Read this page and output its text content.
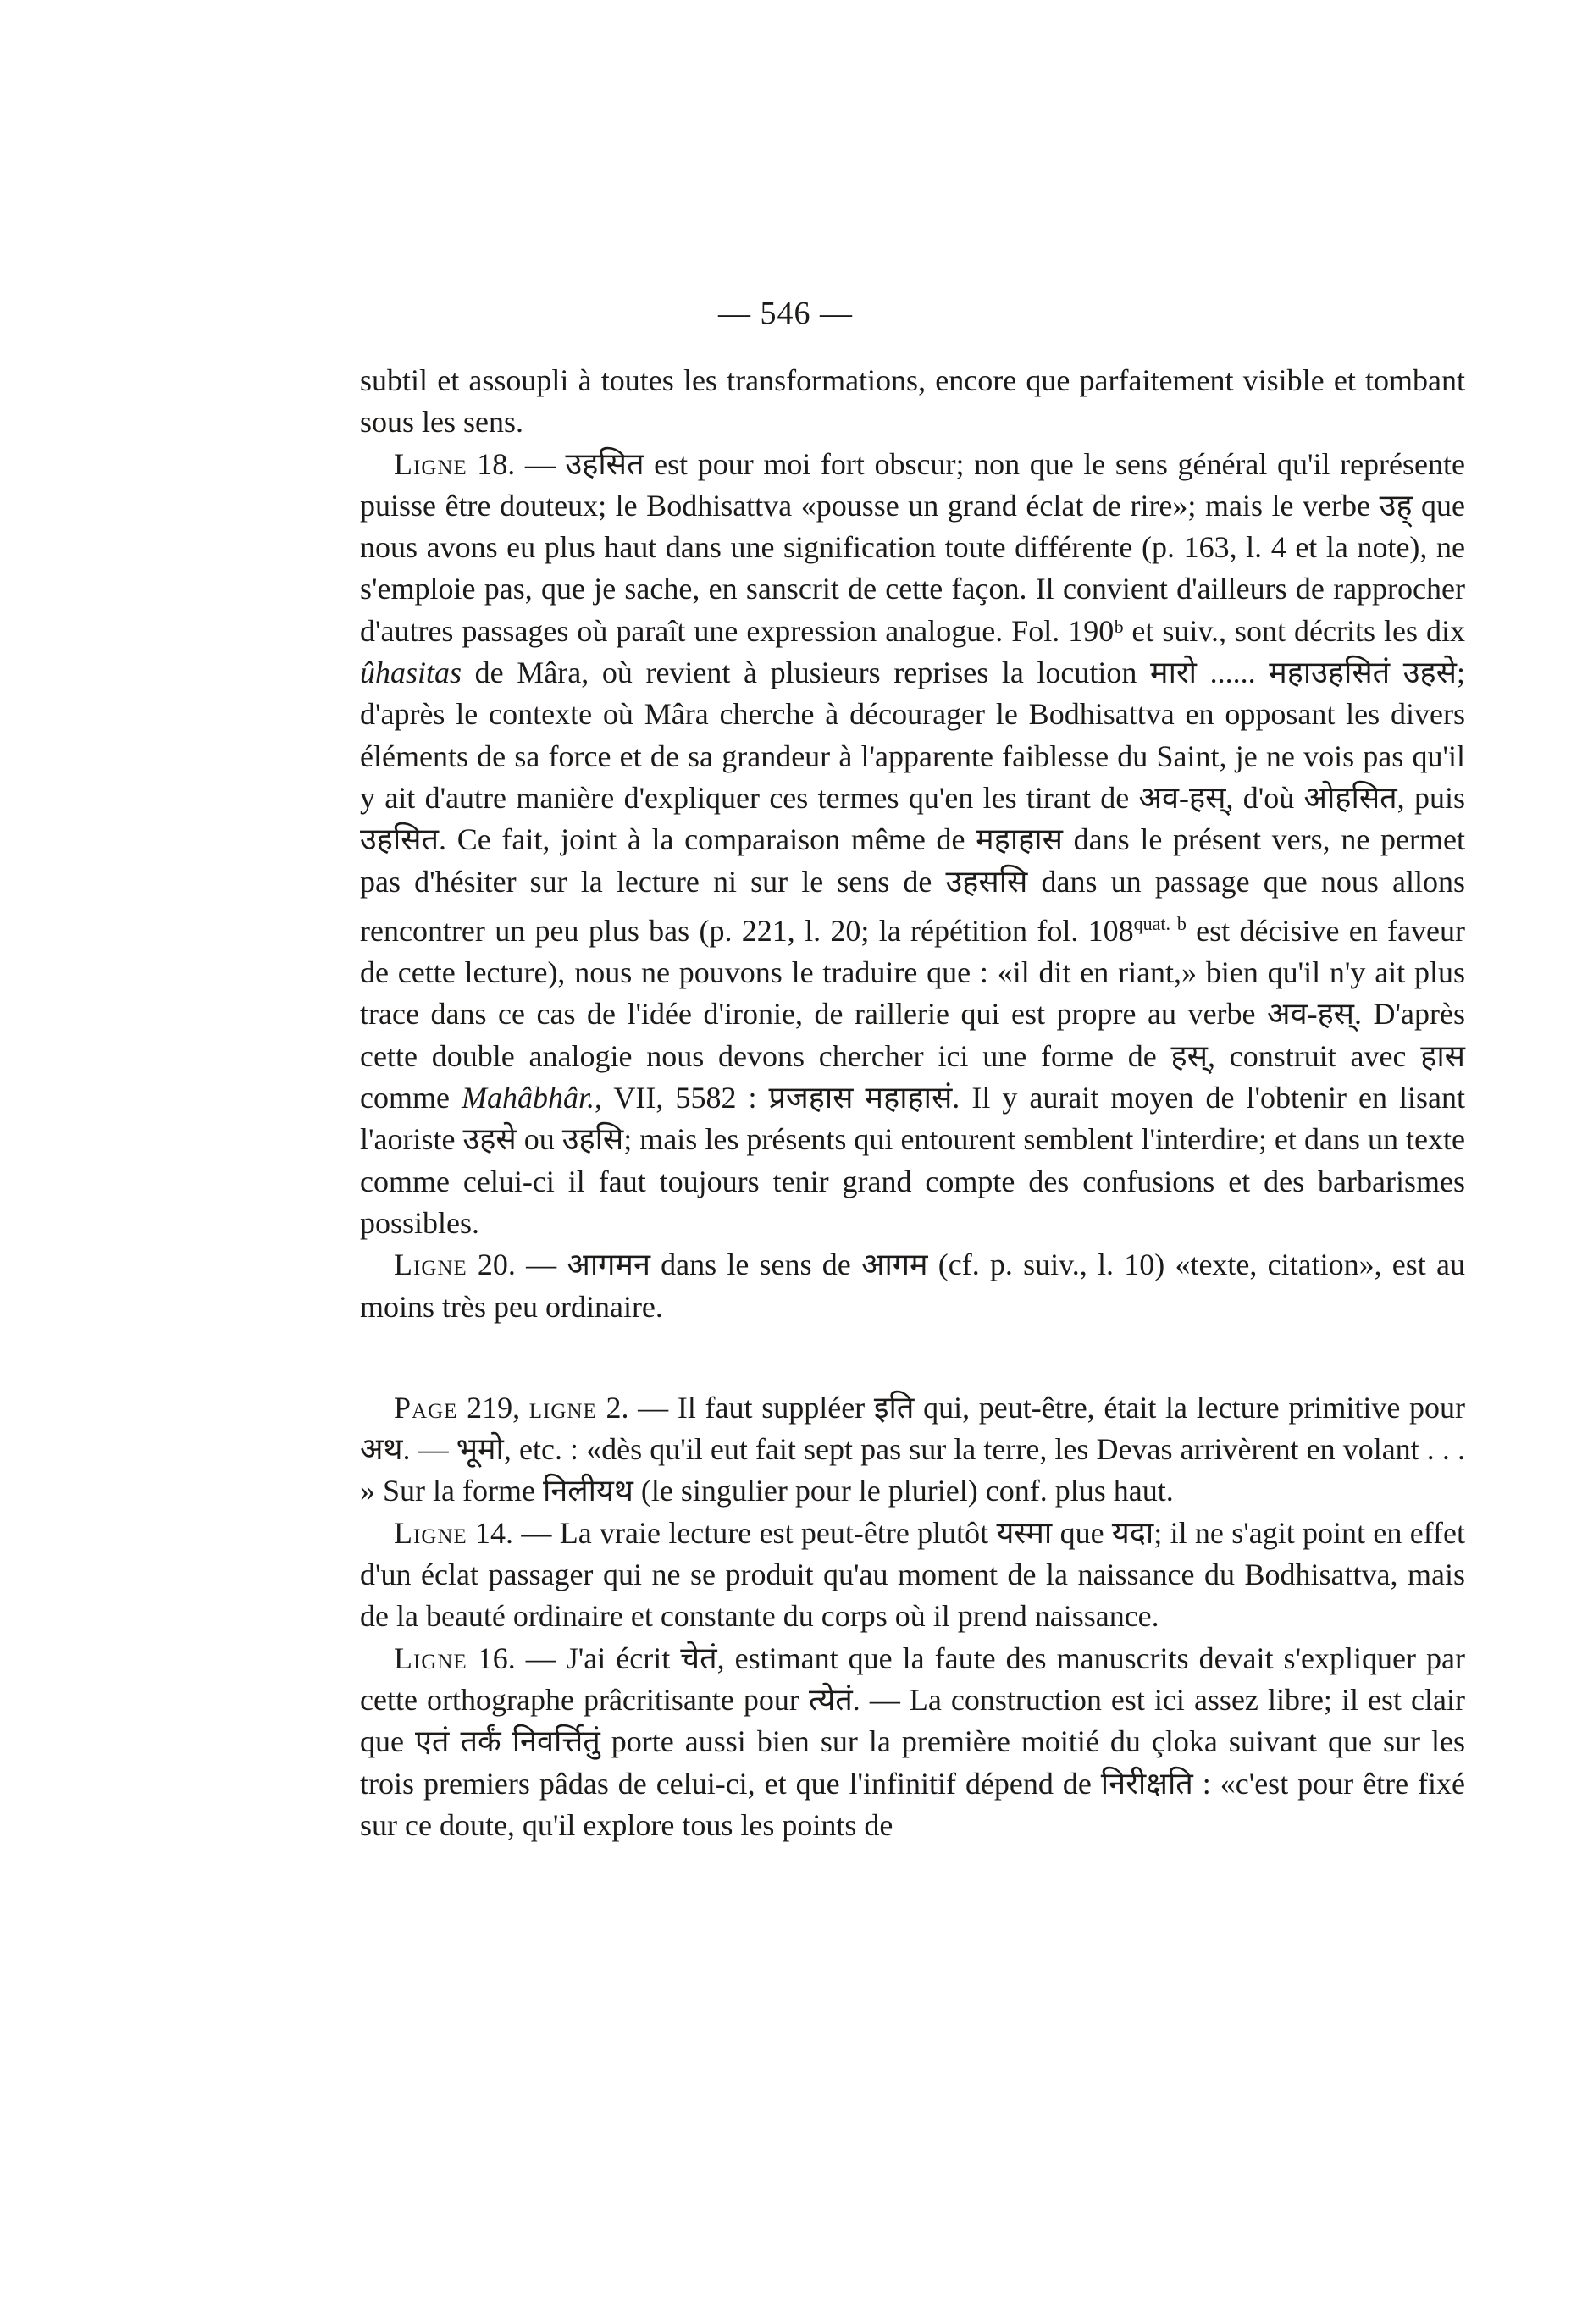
— 546 —

subtil et assoupli à toutes les transformations, encore que parfaitement visible et tombant sous les sens.

Ligne 18. — उहसित est pour moi fort obscur; non que le sens général qu'il représente puisse être douteux; le Bodhisattva «pousse un grand éclat de rire»; mais le verbe उह् que nous avons eu plus haut dans une signification toute différente (p. 163, l. 4 et la note), ne s'emploie pas, que je sache, en sanscrit de cette façon. Il convient d'ailleurs de rapprocher d'autres passages où paraît une expression analogue. Fol. 190ᵇ et suiv., sont décrits les dix ûhasitas de Mâra, où revient à plusieurs reprises la locution मारो ...... महाउहसितं उहसे; d'après le contexte où Mâra cherche à décourager le Bodhisattva en opposant les divers éléments de sa force et de sa grandeur à l'apparente faiblesse du Saint, je ne vois pas qu'il y ait d'autre manière d'expliquer ces termes qu'en les tirant de अव-हस्, d'où ओहसित, puis उहसित. Ce fait, joint à la comparaison même de महाहास dans le présent vers, ne permet pas d'hésiter sur la lecture ni sur le sens de उहससि dans un passage que nous allons rencontrer un peu plus bas (p. 221, l. 20; la répétition fol. $108^{quat. b}$ est décisive en faveur de cette lecture), nous ne pouvons le traduire que : «il dit en riant,» bien qu'il n'y ait plus trace dans ce cas de l'idée d'ironie, de raillerie qui est propre au verbe अव-हस्. D'après cette double analogie nous devons chercher ici une forme de हस्, construit avec हास comme Mahâbhâr., VII, 5582 : प्रजहास महाहासं. Il y aurait moyen de l'obtenir en lisant l'aoriste उहसे ou उहसि; mais les présents qui entourent semblent l'interdire; et dans un texte comme celui-ci il faut toujours tenir grand compte des confusions et des barbarismes possibles.

Ligne 20. — आगमन dans le sens de आगम (cf. p. suiv., l. 10) «texte, citation», est au moins très peu ordinaire.

Page 219, ligne 2. — Il faut suppléer इति qui, peut-être, était la lecture primitive pour अथ. — भूमो, etc. : «dès qu'il eut fait sept pas sur la terre, les Devas arrivèrent en volant . . . » Sur la forme निलीयथ (le singulier pour le pluriel) conf. plus haut.

Ligne 14. — La vraie lecture est peut-être plutôt यस्मा que यदा; il ne s'agit point en effet d'un éclat passager qui ne se produit qu'au moment de la naissance du Bodhisattva, mais de la beauté ordinaire et constante du corps où il prend naissance.

Ligne 16. — J'ai écrit चेतं, estimant que la faute des manuscrits devait s'expliquer par cette orthographe prâcritisante pour त्येतं. — La construction est ici assez libre; il est clair que एतं तर्कं निवर्त्तितुं porte aussi bien sur la première moitié du çloka suivant que sur les trois premiers pâdas de celui-ci, et que l'infinitif dépend de निरीक्षति : «c'est pour être fixé sur ce doute, qu'il explore tous les points de
